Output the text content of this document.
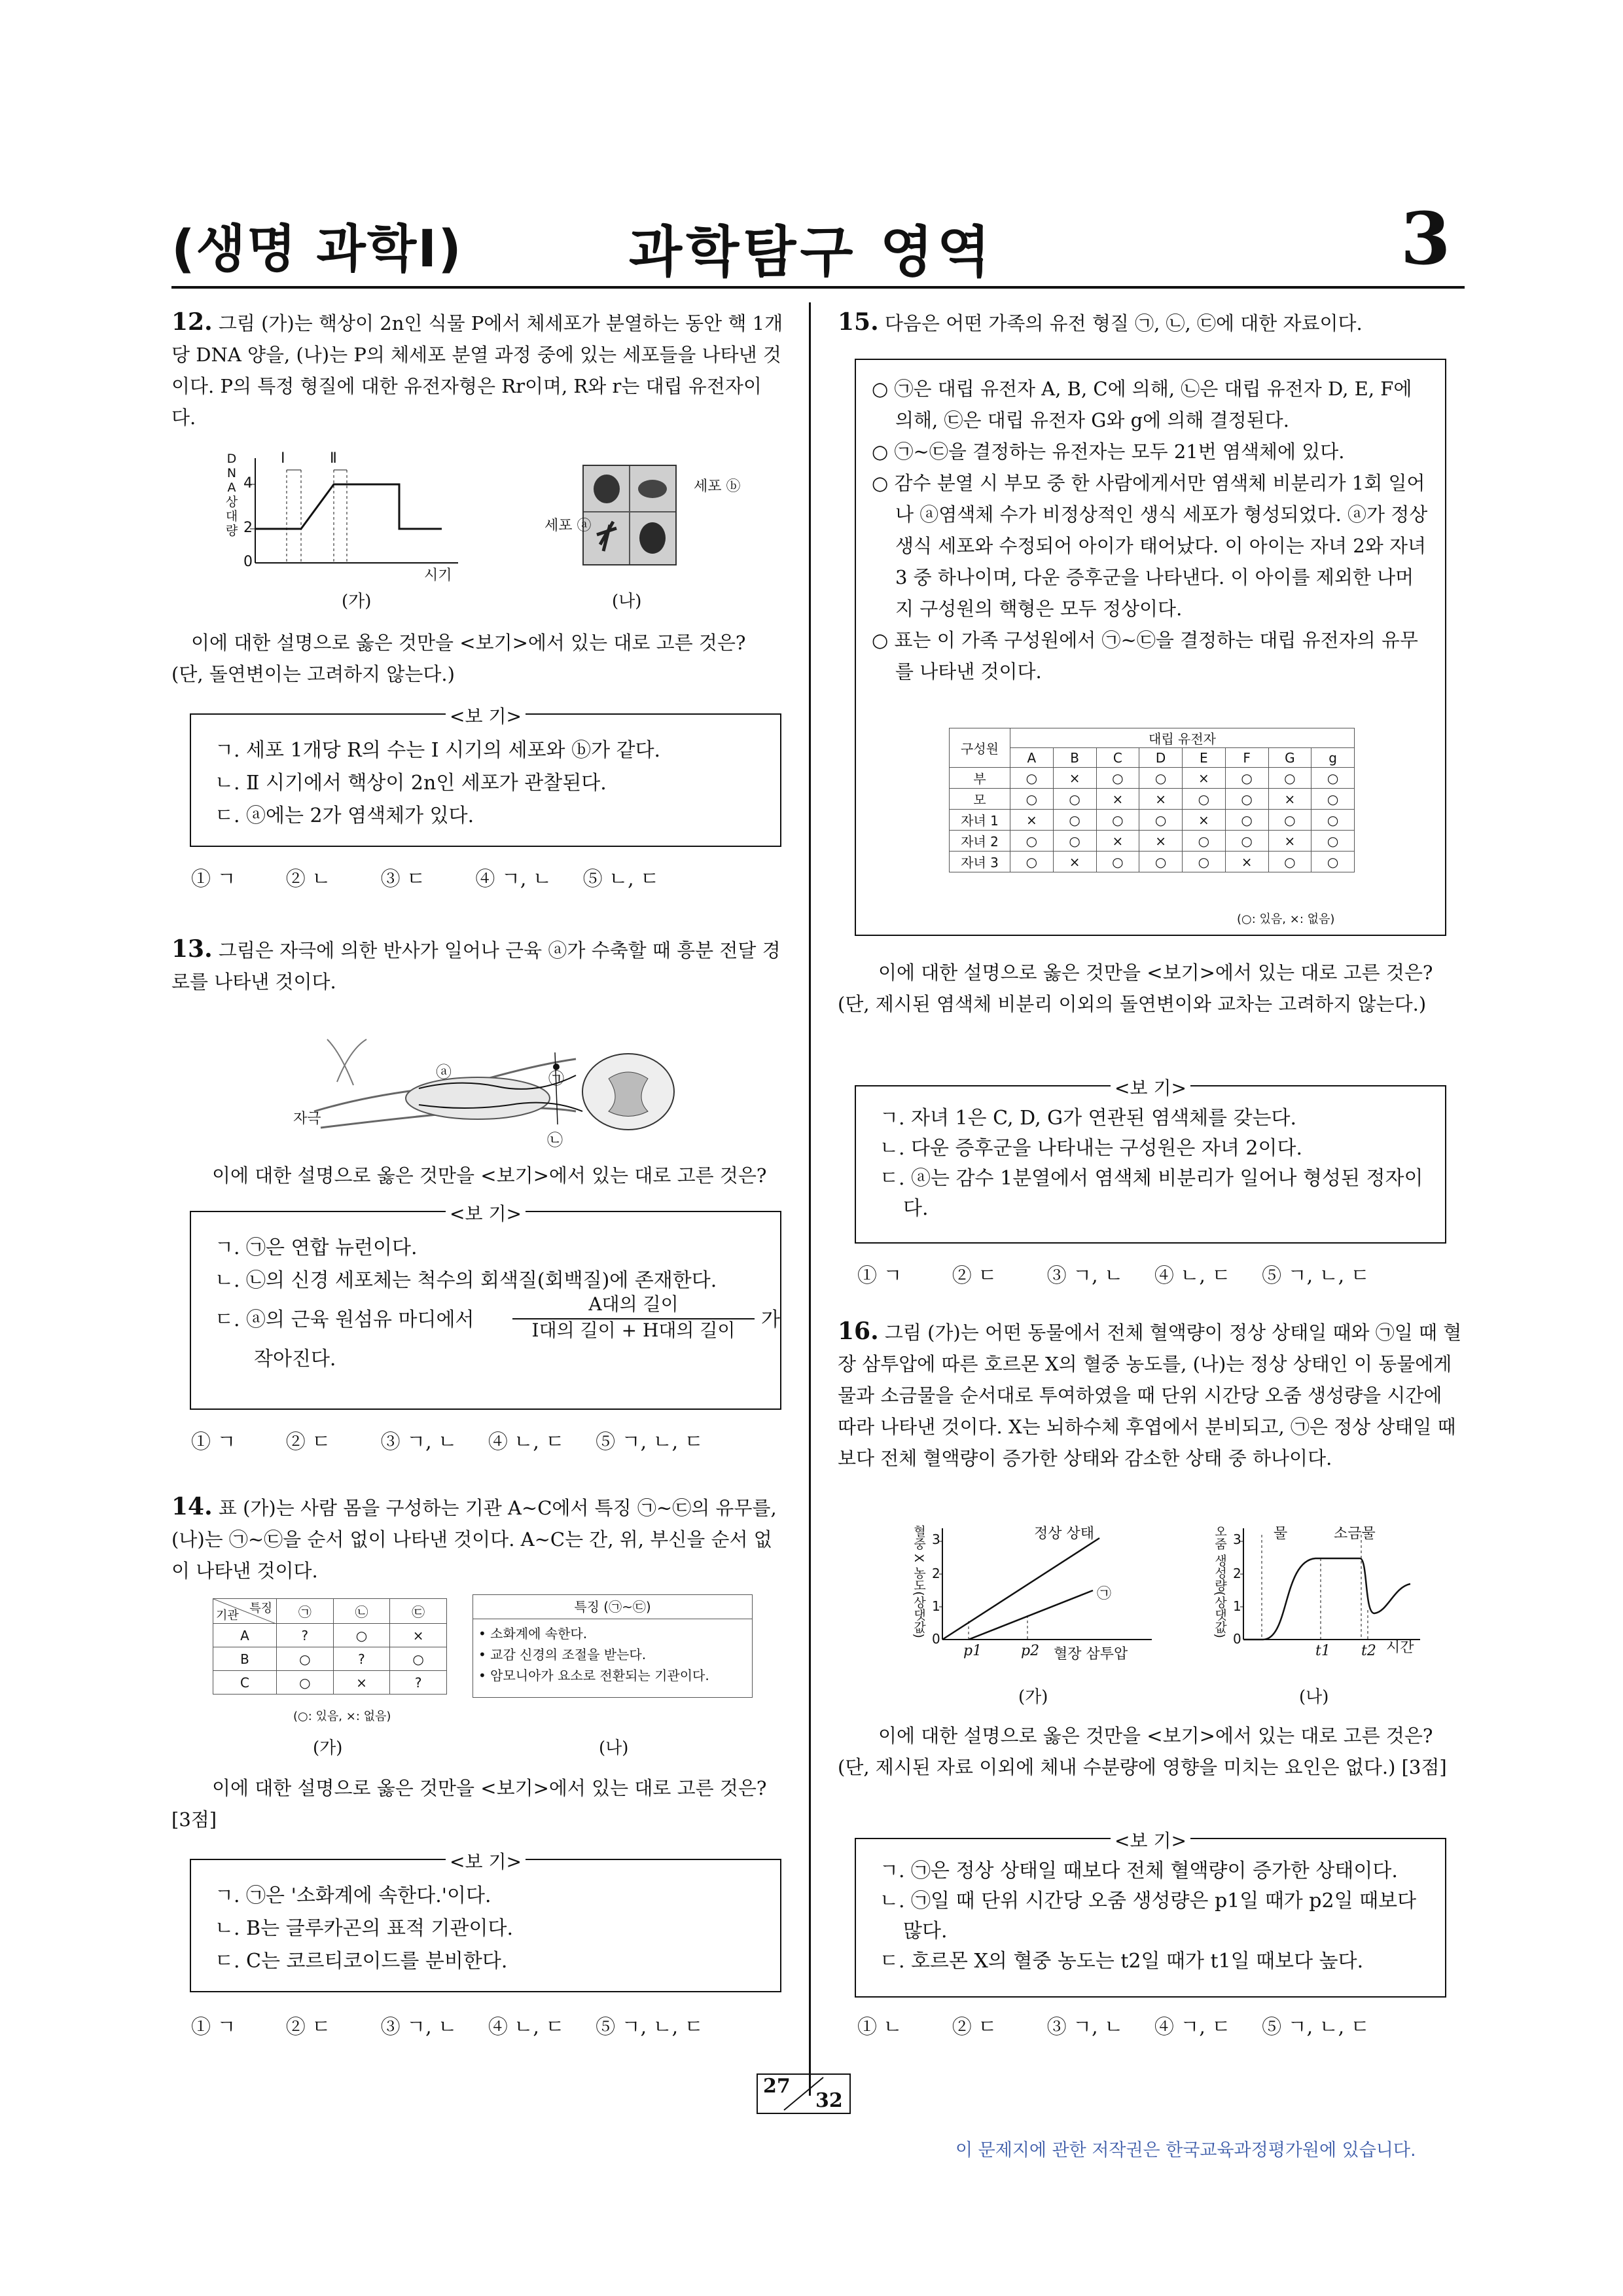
(생명 과학Ⅰ)	과학탐구 영역	3

12. 그림 (가)는 핵상이 2n인 식물 P에서 체세포가 분열하는 동안 핵 1개당 DNA 양을, (나)는 P의 체세포 분열 과정 중에 있는 세포들을 나타낸 것이다. P의 특정 형질에 대한 유전자형은 Rr이며, R와 r는 대립 유전자이다.

DNA상대량
4
2
0
Ⅰ	Ⅱ
시기
(가)
세포 ⓐ
세포 ⓑ
(나)
이에 대한 설명으로 옳은 것만을 <보기>에서 있는 대로 고른 것은? (단, 돌연변이는 고려하지 않는다.)
<보 기>

ㄱ. 세포 1개당 R의 수는 Ⅰ 시기의 세포와 ⓑ가 같다.

ㄴ. Ⅱ 시기에서 핵상이 2n인 세포가 관찰된다.

ㄷ. ⓐ에는 2가 염색체가 있다.

① ㄱ        ② ㄴ        ③ ㄷ        ④ ㄱ, ㄴ     ⑤ ㄴ, ㄷ

13. 그림은 자극에 의한 반사가 일어나 근육 ⓐ가 수축할 때 흥분 전달 경로를 나타낸 것이다.

ⓐ	㉠
㉡
자극
이에 대한 설명으로 옳은 것만을 <보기>에서 있는 대로 고른 것은?
<보 기>

ㄱ. ㉠은 연합 뉴런이다.

ㄴ. ㉡의 신경 세포체는 척수의 회색질(회백질)에 존재한다.

ㄷ. ⓐ의 근육 원섬유 마디에서
A대의 길이
I대의 길이 + H대의 길이	가

작아진다.

① ㄱ        ② ㄷ        ③ ㄱ, ㄴ     ④ ㄴ, ㄷ     ⑤ ㄱ, ㄴ, ㄷ

14. 표 (가)는 사람 몸을 구성하는 기관 A~C에서 특징 ㉠~㉢의 유무를, (나)는 ㉠~㉢을 순서 없이 나타낸 것이다. A~C는 간, 위, 부신을 순서 없이 나타낸 것이다.

특징
기관	㉠	㉡	㉢
A	?	○	×
B	○	?	○
C	○	×	?
(○: 있음, ×: 없음)
(가)
특징 (㉠~㉢)
• 소화계에 속한다.
• 교감 신경의 조절을 받는다.
• 암모니아가 요소로 전환되는 기관이다.
(나)
이에 대한 설명으로 옳은 것만을 <보기>에서 있는 대로 고른 것은? [3점]
<보 기>

ㄱ. ㉠은 '소화계에 속한다.'이다.

ㄴ. B는 글루카곤의 표적 기관이다.

ㄷ. C는 코르티코이드를 분비한다.

① ㄱ        ② ㄷ        ③ ㄱ, ㄴ     ④ ㄴ, ㄷ     ⑤ ㄱ, ㄴ, ㄷ

15. 다음은 어떤 가족의 유전 형질 ㉠, ㉡, ㉢에 대한 자료이다.

○ ㉠은 대립 유전자 A, B, C에 의해, ㉡은 대립 유전자 D, E, F에 의해, ㉢은 대립 유전자 G와 g에 의해 결정된다.

○ ㉠~㉢을 결정하는 유전자는 모두 21번 염색체에 있다.

○ 감수 분열 시 부모 중 한 사람에게서만 염색체 비분리가 1회 일어나 ⓐ염색체 수가 비정상적인 생식 세포가 형성되었다. ⓐ가 정상 생식 세포와 수정되어 아이가 태어났다. 이 아이는 자녀 2와 자녀 3 중 하나이며, 다운 증후군을 나타낸다. 이 아이를 제외한 나머지 구성원의 핵형은 모두 정상이다.

○ 표는 이 가족 구성원에서 ㉠~㉢을 결정하는 대립 유전자의 유무를 나타낸 것이다.

구성원	대립 유전자							
	A	B	C	D	E	F	G	g
부	○	×	○	○	×	○	○	○
모	○	○	×	×	○	○	×	○
자녀 1	×	○	○	○	×	○	○	○
자녀 2	○	○	×	×	○	○	×	○
자녀 3	○	×	○	○	○	×	○	○
(○: 있음, ×: 없음)
이에 대한 설명으로 옳은 것만을 <보기>에서 있는 대로 고른 것은? (단, 제시된 염색체 비분리 이외의 돌연변이와 교차는 고려하지 않는다.)
<보 기>

ㄱ. 자녀 1은 C, D, G가 연관된 염색체를 갖는다.

ㄴ. 다운 증후군을 나타내는 구성원은 자녀 2이다.

ㄷ. ⓐ는 감수 1분열에서 염색체 비분리가 일어나 형성된 정자이다.

① ㄱ        ② ㄷ        ③ ㄱ, ㄴ     ④ ㄴ, ㄷ     ⑤ ㄱ, ㄴ, ㄷ

16. 그림 (가)는 어떤 동물에서 전체 혈액량이 정상 상태일 때와 ㉠일 때 혈장 삼투압에 따른 호르몬 X의 혈중 농도를, (나)는 정상 상태인 이 동물에게 물과 소금물을 순서대로 투여하였을 때 단위 시간당 오줌 생성량을 시간에 따라 나타낸 것이다. X는 뇌하수체 후엽에서 분비되고, ㉠은 정상 상태일 때보다 전체 혈액량이 증가한 상태와 감소한 상태 중 하나이다.

혈중 X 농도(상댓값) 3
2
1
0
정상 상태
㉠
p1	p2 혈장 삼투압
(가)
오줌 생성량(상댓값) 3
2
1
0
물	소금물
t1 t2 시간
(나)
이에 대한 설명으로 옳은 것만을 <보기>에서 있는 대로 고른 것은? (단, 제시된 자료 이외에 체내 수분량에 영향을 미치는 요인은 없다.) [3점]
<보 기>

ㄱ. ㉠은 정상 상태일 때보다 전체 혈액량이 증가한 상태이다.

ㄴ. ㉠일 때 단위 시간당 오줌 생성량은 p1일 때가 p2일 때보다 많다.

ㄷ. 호르몬 X의 혈중 농도는 t2일 때가 t1일 때보다 높다.

① ㄴ        ② ㄷ        ③ ㄱ, ㄴ     ④ ㄱ, ㄷ     ⑤ ㄱ, ㄴ, ㄷ
27
32
이 문제지에 관한 저작권은 한국교육과정평가원에 있습니다.
